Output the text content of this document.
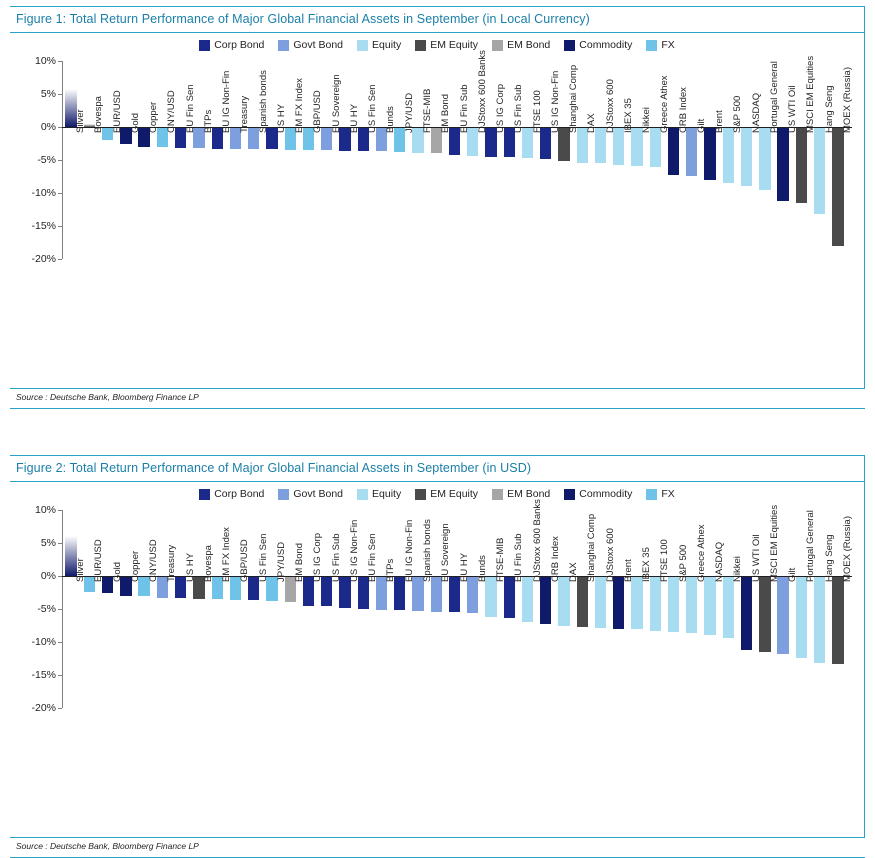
Figure 1: Total Return Performance of Major Global Financial Assets in September (in Local Currency)
Corp Bond	Govt Bond	Equity	EM Equity	EM Bond	Commodity	FX
10%
5%
0%
-5%
-10%
-15%
-20%
Silver Bovespa EUR/USD Gold Copper CNY/USD EU Fin Sen BTPs EU IG Non-Fin Treasury Spanish bonds US HY EM FX Index GBP/USD EU Sovereign EU HY US Fin Sen Bunds JPY/USD FTSE-MIB EM Bond EU Fin Sub DJStoxx 600 Banks US IG Corp US Fin Sub FTSE 100 US IG Non-Fin Shanghai Comp DAX DJStoxx 600 IBEX 35 Nikkei Greece Athex CRB Index Gilt Brent S&P 500 NASDAQ Portugal General US WTI Oil MSCI EM Equities Hang Seng MOEX (Russia)
Source : Deutsche Bank, Bloomberg Finance LP
Figure 2: Total Return Performance of Major Global Financial Assets in September (in USD)
Corp Bond	Govt Bond	Equity	EM Equity	EM Bond	Commodity	FX
10%
5%
0%
-5%
-10%
-15%
-20%
Silver EUR/USD Gold Copper CNY/USD Treasury US HY Bovespa EM FX Index GBP/USD US Fin Sen JPY/USD EM Bond US IG Corp US Fin Sub US IG Non-Fin EU Fin Sen BTPs EU IG Non-Fin Spanish bonds EU Sovereign EU HY Bunds FTSE-MIB EU Fin Sub DJStoxx 600 Banks CRB Index DAX Shanghai Comp DJStoxx 600 Brent IBEX 35 FTSE 100 S&P 500 Greece Athex NASDAQ Nikkei US WTI Oil MSCI EM Equities Gilt Portugal General Hang Seng MOEX (Russia)
Source : Deutsche Bank, Bloomberg Finance LP
